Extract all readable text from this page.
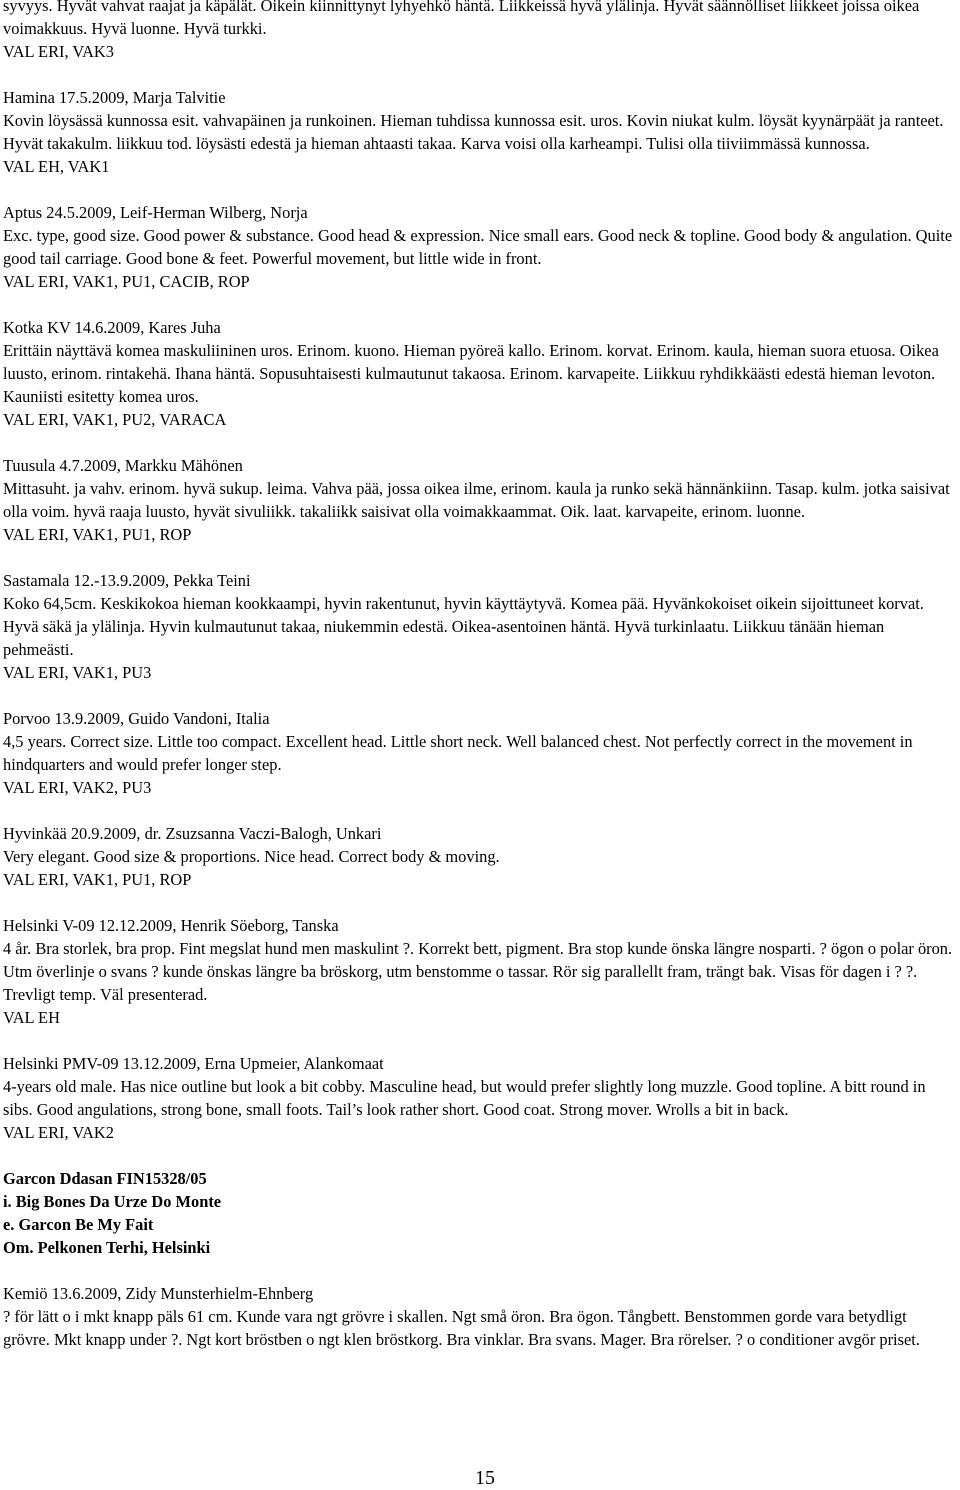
syvyys. Hyvät vahvat raajat ja käpälät. Oikein kiinnittynyt lyhyehkö häntä. Liikkeissä hyvä ylälinja. Hyvät säännölliset liikkeet joissa oikea voimakkuus. Hyvä luonne. Hyvä turkki.

VAL ERI, VAK3

Hamina 17.5.2009, Marja Talvitie

Kovin löysässä kunnossa esit. vahvapäinen ja runkoinen. Hieman tuhdissa kunnossa esit. uros. Kovin niukat kulm. löysät kyynärpäät ja ranteet. Hyvät takakulm. liikkuu tod. löysästi edestä ja hieman ahtaasti takaa. Karva voisi olla karheampi. Tulisi olla tiiviimmässä kunnossa.

VAL EH, VAK1

Aptus 24.5.2009, Leif-Herman Wilberg, Norja

Exc. type, good size. Good power & substance. Good head & expression. Nice small ears. Good neck & topline. Good body & angulation. Quite good tail carriage. Good bone & feet. Powerful movement, but little wide in front.

VAL ERI, VAK1, PU1, CACIB, ROP

Kotka KV 14.6.2009, Kares Juha

Erittäin näyttävä komea maskuliininen uros. Erinom. kuono. Hieman pyöreä kallo. Erinom. korvat. Erinom. kaula, hieman suora etuosa. Oikea luusto, erinom. rintakehä. Ihana häntä. Sopusuhtaisesti kulmautunut takaosa. Erinom. karvapeite. Liikkuu ryhdikkäästi edestä hieman levoton. Kauniisti esitetty komea uros.

VAL ERI, VAK1, PU2, VARACA

Tuusula 4.7.2009, Markku Mähönen

Mittasuht. ja vahv. erinom. hyvä sukup. leima. Vahva pää, jossa oikea ilme, erinom. kaula ja runko sekä hännänkiinn. Tasap. kulm. jotka saisivat olla voim. hyvä raaja luusto, hyvät sivuliikk. takaliikk saisivat olla voimakkaammat. Oik. laat. karvapeite, erinom. luonne.

VAL ERI, VAK1, PU1, ROP

Sastamala 12.-13.9.2009, Pekka Teini

Koko 64,5cm. Keskikokoa hieman kookkaampi, hyvin rakentunut, hyvin käyttäytyvä. Komea pää. Hyvänkokoiset oikein sijoittuneet korvat. Hyvä säkä ja ylälinja. Hyvin kulmautunut takaa, niukemmin edestä. Oikea-asentoinen häntä. Hyvä turkinlaatu. Liikkuu tänään hieman pehmeästi.

VAL ERI, VAK1, PU3

Porvoo 13.9.2009, Guido Vandoni, Italia

4,5 years. Correct size. Little too compact. Excellent head. Little short neck. Well balanced chest. Not perfectly correct in the movement in hindquarters and would prefer longer step.

VAL ERI, VAK2, PU3

Hyvinkää 20.9.2009, dr. Zsuzsanna Vaczi-Balogh, Unkari

Very elegant. Good size & proportions. Nice head. Correct body & moving.

VAL ERI, VAK1, PU1, ROP

Helsinki V-09 12.12.2009, Henrik Söeborg, Tanska

4 år. Bra storlek, bra prop. Fint megslat hund men maskulint ?. Korrekt bett, pigment. Bra stop kunde önska längre nosparti. ? ögon o polar öron. Utm överlinje o svans ? kunde önskas längre ba bröskorg, utm benstomme o tassar. Rör sig parallellt fram, trängt bak. Visas för dagen i ? ?. Trevligt temp. Väl presenterad.

VAL EH

Helsinki PMV-09 13.12.2009, Erna Upmeier, Alankomaat

4-years old male. Has nice outline but look a bit cobby. Masculine head, but would prefer slightly long muzzle. Good topline. A bitt round in sibs. Good angulations, strong bone, small foots. Tail’s look rather short. Good coat. Strong mover. Wrolls a bit in back.

VAL ERI, VAK2

Garcon Ddasan FIN15328/05

i. Big Bones Da Urze Do Monte

e. Garcon Be My Fait

Om. Pelkonen Terhi, Helsinki

Kemiö 13.6.2009, Zidy Munsterhielm-Ehnberg

? för lätt o i mkt knapp päls 61 cm. Kunde vara ngt grövre i skallen. Ngt små öron. Bra ögon. Tångbett. Benstommen gorde vara betydligt grövre. Mkt knapp under ?. Ngt kort bröstben o ngt klen bröstkorg. Bra vinklar. Bra svans. Mager. Bra rörelser. ? o conditioner avgör priset.

15
